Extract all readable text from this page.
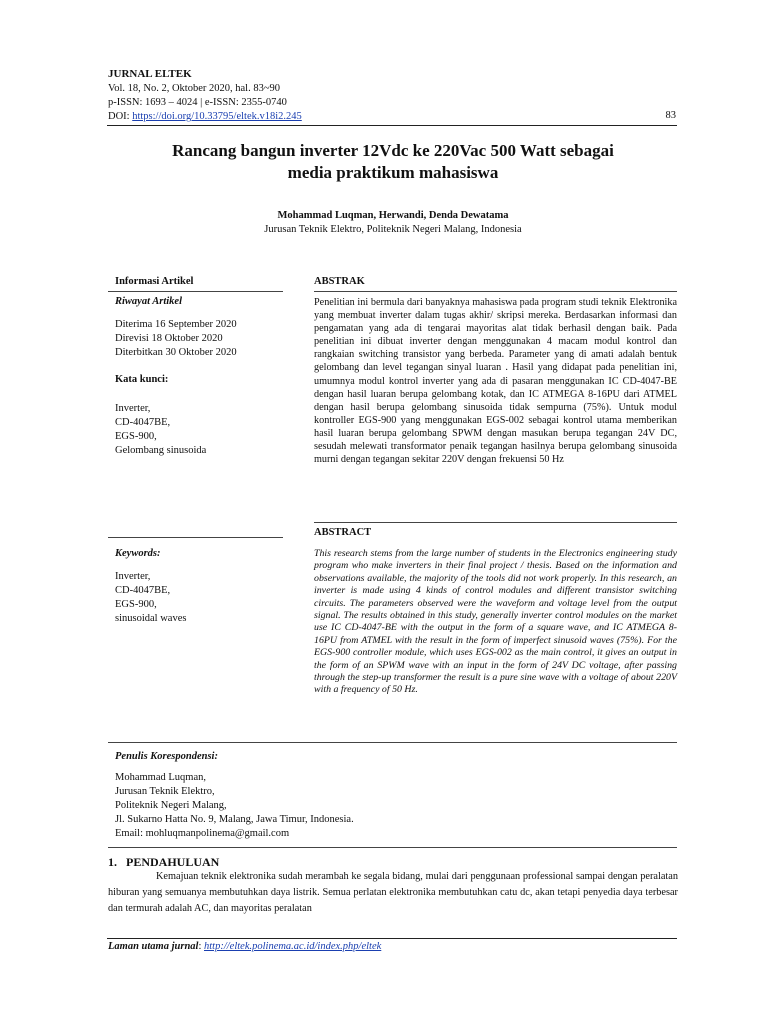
JURNAL ELTEK
Vol. 18, No. 2, Oktober 2020, hal. 83~90
p-ISSN: 1693 – 4024 | e-ISSN: 2355-0740
DOI: https://doi.org/10.33795/eltek.v18i2.245	83
Rancang bangun inverter 12Vdc ke 220Vac 500 Watt sebagai
media praktikum mahasiswa
Mohammad Luqman, Herwandi, Denda Dewatama
Jurusan Teknik Elektro, Politeknik Negeri Malang, Indonesia
Informasi Artikel
Riwayat Artikel
Diterima 16 September 2020
Direvisi 18 Oktober 2020
Diterbitkan 30 Oktober 2020
Kata kunci:
Inverter,
CD-4047BE,
EGS-900,
Gelombang sinusoida
Keywords:
Inverter,
CD-4047BE,
EGS-900,
sinusoidal waves
ABSTRAK
Penelitian ini bermula dari banyaknya mahasiswa pada program studi teknik Elektronika yang membuat inverter dalam tugas akhir/ skripsi mereka. Berdasarkan informasi dan pengamatan yang ada di tengarai mayoritas alat tidak berhasil dengan baik. Pada penelitian ini dibuat inverter dengan menggunakan 4 macam modul kontrol dan rangkaian switching transistor yang berbeda. Parameter yang di amati adalah bentuk gelombang dan level tegangan sinyal luaran . Hasil yang didapat pada penelitian ini, umumnya modul kontrol inverter yang ada di pasaran menggunakan IC CD-4047-BE dengan hasil luaran berupa gelombang kotak, dan IC ATMEGA 8-16PU dari ATMEL dengan hasil berupa gelombang sinusoida tidak sempurna (75%). Untuk modul kontroller EGS-900 yang menggunakan EGS-002 sebagai kontrol utama memberikan hasil luaran berupa gelombang SPWM dengan masukan berupa tegangan 24V DC, sesudah melewati transformator penaik tegangan hasilnya berupa gelombang sinusoida murni dengan tegangan sekitar 220V dengan frekuensi 50 Hz
ABSTRACT
This research stems from the large number of students in the Electronics engineering study program who make inverters in their final project / thesis. Based on the information and observations available, the majority of the tools did not work properly. In this research, an inverter is made using 4 kinds of control modules and different transistor switching circuits. The parameters observed were the waveform and voltage level from the output signal. The results obtained in this study, generally inverter control modules on the market use IC CD-4047-BE with the output in the form of a square wave, and IC ATMEGA 8-16PU from ATMEL with the result in the form of imperfect sinusoid waves (75%). For the EGS-900 controller module, which uses EGS-002 as the main control, it gives an output in the form of an SPWM wave with an input in the form of 24V DC voltage, after passing through the step-up transformer the result is a pure sine wave with a voltage of about 220V with a frequency of 50 Hz.
Penulis Korespondensi:
Mohammad Luqman,
Jurusan Teknik Elektro,
Politeknik Negeri Malang,
Jl. Sukarno Hatta No. 9, Malang, Jawa Timur, Indonesia.
Email: mohluqmanpolinema@gmail.com
1.   PENDAHULUAN
Kemajuan teknik elektronika sudah merambah ke segala bidang, mulai dari penggunaan professional sampai dengan peralatan hiburan yang semuanya membutuhkan daya listrik. Semua perlatan elektronika membutuhkan catu dc, akan tetapi penyedia daya terbesar dan termurah adalah AC, dan mayoritas peralatan
Laman utama jurnal: http://eltek.polinema.ac.id/index.php/eltek
